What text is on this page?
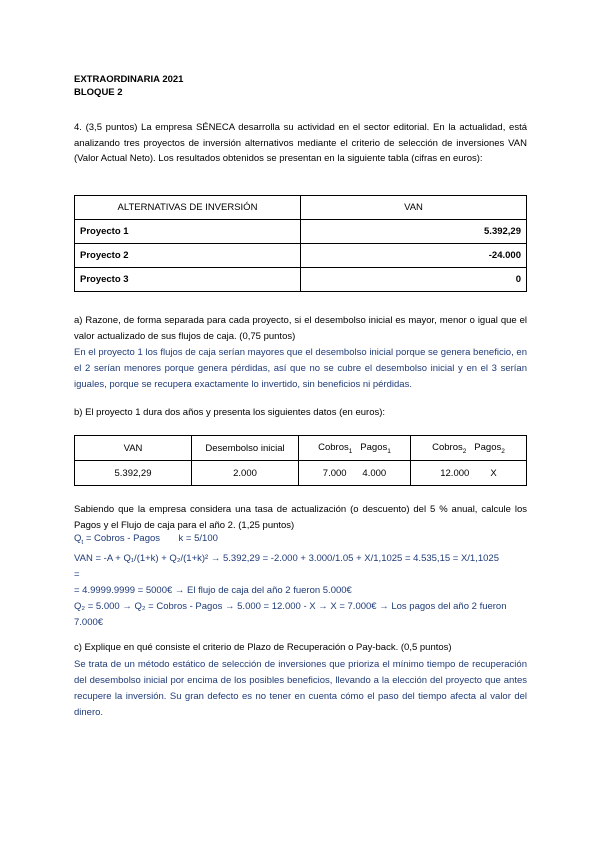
EXTRAORDINARIA 2021
BLOQUE 2
4. (3,5 puntos) La empresa SÉNECA desarrolla su actividad en el sector editorial. En la actualidad, está analizando tres proyectos de inversión alternativos mediante el criterio de selección de inversiones VAN (Valor Actual Neto). Los resultados obtenidos se presentan en la siguiente tabla (cifras en euros):
ALTERNATIVAS DE INVERSIÓN	VAN
Proyecto 1	5.392,29
Proyecto 2	-24.000
Proyecto 3	0
a) Razone, de forma separada para cada proyecto, si el desembolso inicial es mayor, menor o igual que el valor actualizado de sus flujos de caja. (0,75 puntos)
En el proyecto 1 los flujos de caja serían mayores que el desembolso inicial porque se genera beneficio, en el 2 serían menores porque genera pérdidas, así que no se cubre el desembolso inicial y en el 3 serían iguales, porque se recupera exactamente lo invertido, sin beneficios ni pérdidas.
b) El proyecto 1 dura dos años y presenta los siguientes datos (en euros):
VAN	Desembolso inicial	Cobros$_1$ Pagos$_1$	Cobros$_2$ Pagos$_2$
5.392,29	2.000	7.000 4.000	12.000 X
Sabiendo que la empresa considera una tasa de actualización (o descuento) del 5 % anual, calcule los Pagos y el Flujo de caja para el año 2. (1,25 puntos)
$Q_t$ = Cobros - Pagos k = 5/100
VAN = -A + Q₁/(1+k) + Q₂/(1+k)² → 5.392,29 = -2.000 + 3.000/1.05 + X/1,1025 = 4.535,15 = X/1,1025
=
= 4.9999.9999 = 5000€ → El flujo de caja del año 2 fueron 5.000€
Q₂ = 5.000 → Q₂ = Cobros - Pagos → 5.000 = 12.000 - X → X = 7.000€ → Los pagos del año 2 fueron
7.000€
c) Explique en qué consiste el criterio de Plazo de Recuperación o Pay-back. (0,5 puntos)
Se trata de un método estático de selección de inversiones que prioriza el mínimo tiempo de recuperación del desembolso inicial por encima de los posibles beneficios, llevando a la elección del proyecto que antes recupere la inversión. Su gran defecto es no tener en cuenta cómo el paso del tiempo afecta al valor del dinero.
